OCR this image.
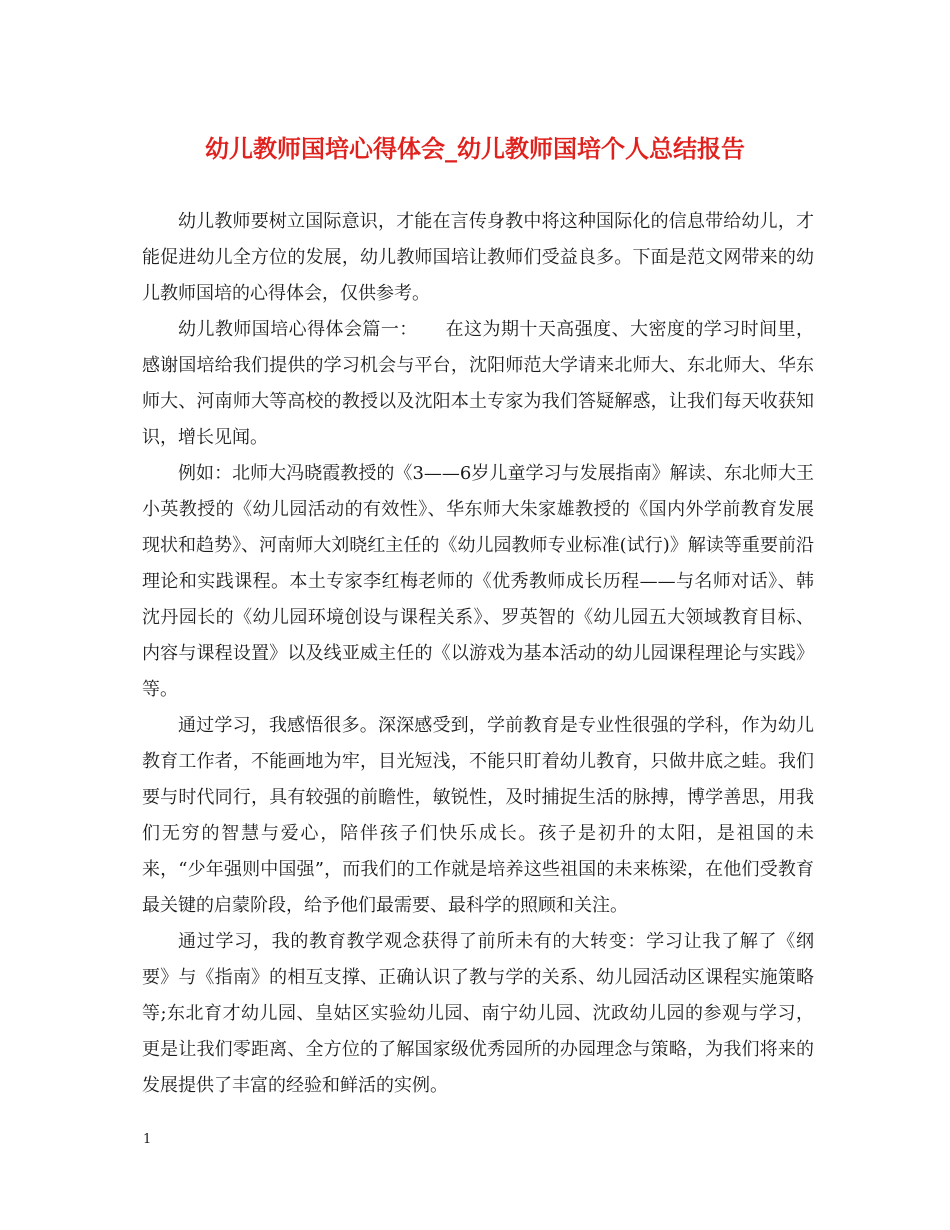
幼儿教师国培心得体会_幼儿教师国培个人总结报告

幼儿教师要树立国际意识，才能在言传身教中将这种国际化的信息带给幼儿，才能促进幼儿全方位的发展，幼儿教师国培让教师们受益良多。下面是范文网带来的幼儿教师国培的心得体会，仅供参考。

幼儿教师国培心得体会篇一：　　在这为期十天高强度、大密度的学习时间里，感谢国培给我们提供的学习机会与平台，沈阳师范大学请来北师大、东北师大、华东师大、河南师大等高校的教授以及沈阳本土专家为我们答疑解惑，让我们每天收获知识，增长见闻。

例如：北师大冯晓霞教授的《3——6岁儿童学习与发展指南》解读、东北师大王小英教授的《幼儿园活动的有效性》、华东师大朱家雄教授的《国内外学前教育发展现状和趋势》、河南师大刘晓红主任的《幼儿园教师专业标准(试行)》解读等重要前沿理论和实践课程。本土专家李红梅老师的《优秀教师成长历程——与名师对话》、韩沈丹园长的《幼儿园环境创设与课程关系》、罗英智的《幼儿园五大领域教育目标、内容与课程设置》以及线亚威主任的《以游戏为基本活动的幼儿园课程理论与实践》等。

通过学习，我感悟很多。深深感受到，学前教育是专业性很强的学科，作为幼儿教育工作者，不能画地为牢，目光短浅，不能只盯着幼儿教育，只做井底之蛙。我们要与时代同行，具有较强的前瞻性，敏锐性，及时捕捉生活的脉搏，博学善思，用我们无穷的智慧与爱心，陪伴孩子们快乐成长。孩子是初升的太阳，是祖国的未来，“少年强则中国强”，而我们的工作就是培养这些祖国的未来栋梁，在他们受教育最关键的启蒙阶段，给予他们最需要、最科学的照顾和关注。

通过学习，我的教育教学观念获得了前所未有的大转变：学习让我了解了《纲要》与《指南》的相互支撑、正确认识了教与学的关系、幼儿园活动区课程实施策略等;东北育才幼儿园、皇姑区实验幼儿园、南宁幼儿园、沈政幼儿园的参观与学习，更是让我们零距离、全方位的了解国家级优秀园所的办园理念与策略，为我们将来的发展提供了丰富的经验和鲜活的实例。

1
